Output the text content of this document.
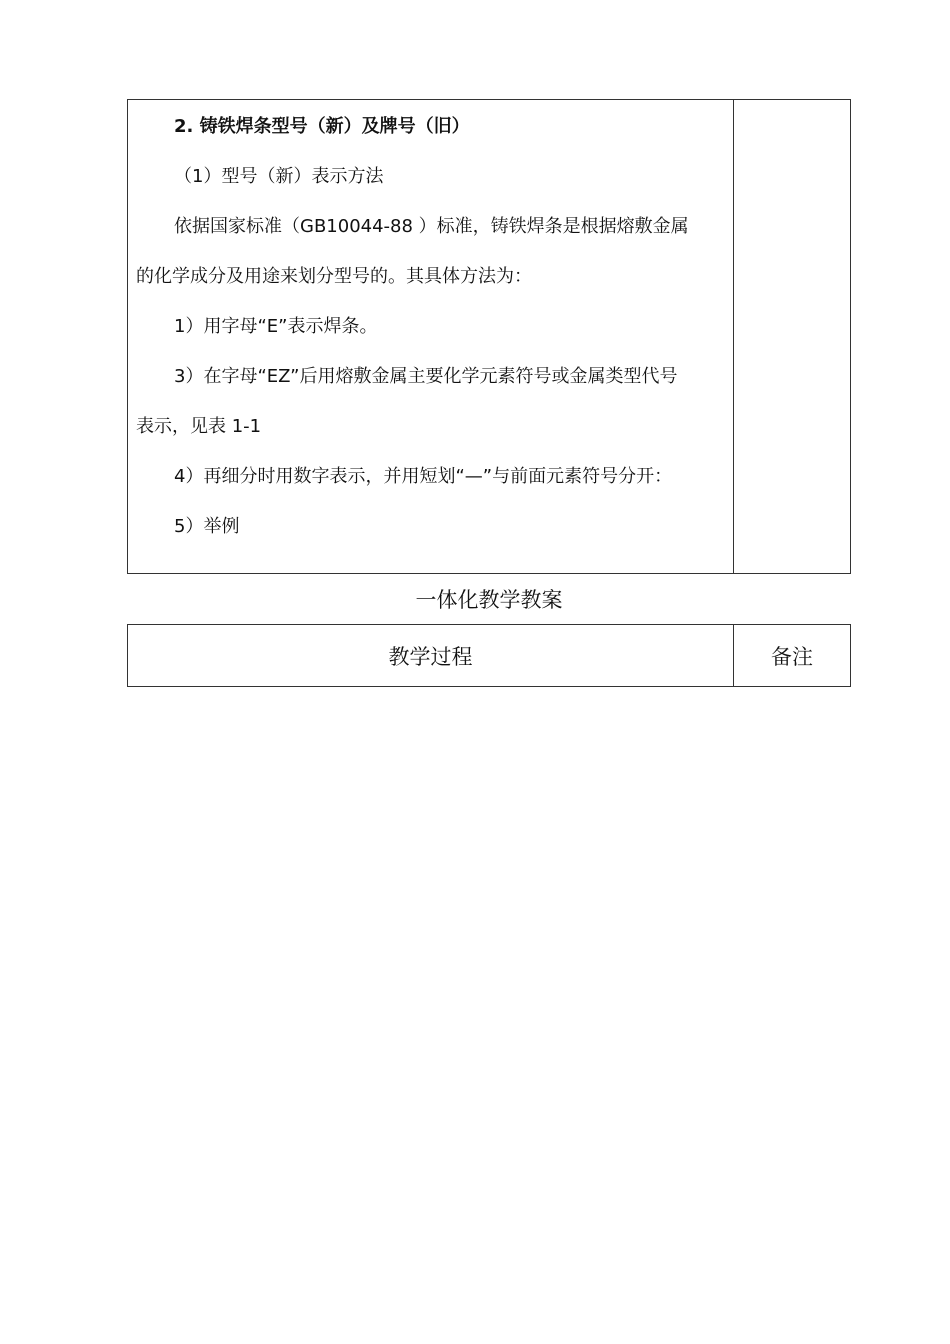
2. 铸铁焊条型号（新）及牌号（旧）
（1）型号（新）表示方法
依据国家标准（GB10044-88 ）标准，铸铁焊条是根据熔敷金属
的化学成分及用途来划分型号的。其具体方法为：
1）用字母“E”表示焊条。
3）在字母“EZ”后用熔敷金属主要化学元素符号或金属类型代号
表示，见表 1-1
4）再细分时用数字表示，并用短划“—”与前面元素符号分开：
5）举例
一体化教学教案
教学过程	备注
